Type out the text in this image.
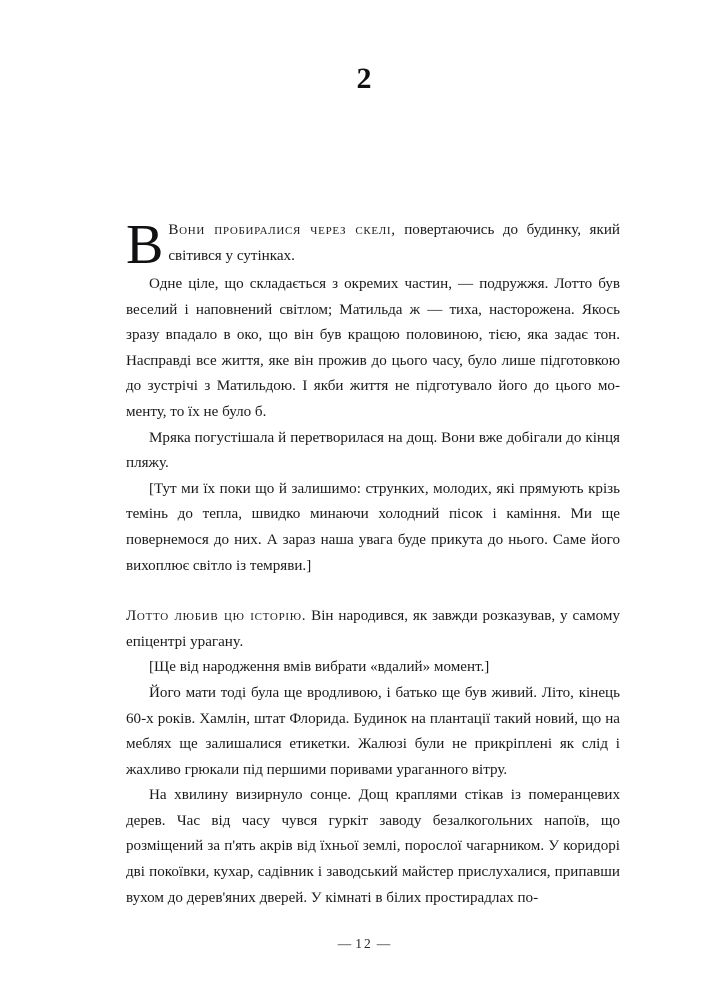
2

В Вони пробиралися через скелі, повертаючись до будинку, який світився у сутінках.

Одне ціле, що складається з окремих частин, — подружжя. Лотто був веселий і наповнений світлом; Матильда ж — тиха, насторожена. Якось зразу впадало в око, що він був кращою половиною, тією, яка задає тон. Насправді все життя, яке він прожив до цього часу, було лише підготовкою до зустрічі з Матильдою. І якби життя не підготувало його до цього моменту, то їх не було б.

Мряка погустішала й перетворилася на дощ. Вони вже добігали до кінця пляжу.

[Тут ми їх поки що й залишимо: струнких, молодих, які прямують крізь темінь до тепла, швидко минаючи холодний пісок і каміння. Ми ще повернемося до них. А зараз наша увага буде прикута до нього. Саме його вихоплює світло із темряви.]

Лотто любив цю історію. Він народився, як завжди розказував, у самому епіцентрі ураганy.

[Ще від народження вмів вибрати «вдалий» момент.]

Його мати тоді була ще вродливою, і батько ще був живий. Літо, кінець 60-х років. Хамлін, штат Флорида. Будинок на плантації такий новий, що на меблях ще залишалися етикетки. Жалюзі були не прикріплені як слід і жахливо грюкали під першими поривами ураганного вітру.

На хвилину визирнуло сонце. Дощ краплями стікав із померанцевих дерев. Час від часу чувся гуркіт заводу безалкогольних напоїв, що розміщений за п'ять акрів від їхньої землі, порослої чагарником. У коридорі дві покоївки, кухар, садівник і заводський майстер прислухалися, припавши вухом до дерев'яних дверей. У кімнаті в білих простирадлах по-

— 12 —
